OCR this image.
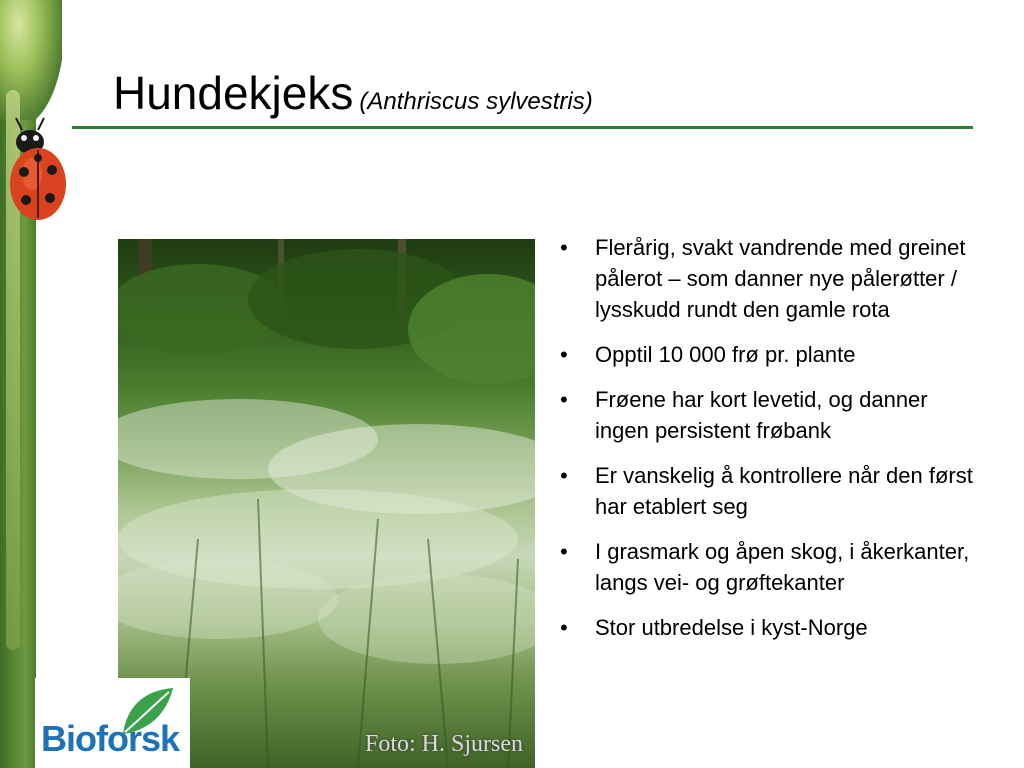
Hundekjeks (Anthriscus sylvestris)
Foto: H. Sjursen
Bioforsk
•	Flerårig, svakt vandrende med greinet pålerot – som danner nye pålerøtter / lysskudd rundt den gamle rota
•	Opptil 10 000 frø pr. plante
•	Frøene har kort levetid, og danner ingen persistent frøbank
•	Er vanskelig å kontrollere når den først har etablert seg
•	I grasmark og åpen skog, i åkerkanter, langs vei- og grøftekanter
•	Stor utbredelse i kyst-Norge
